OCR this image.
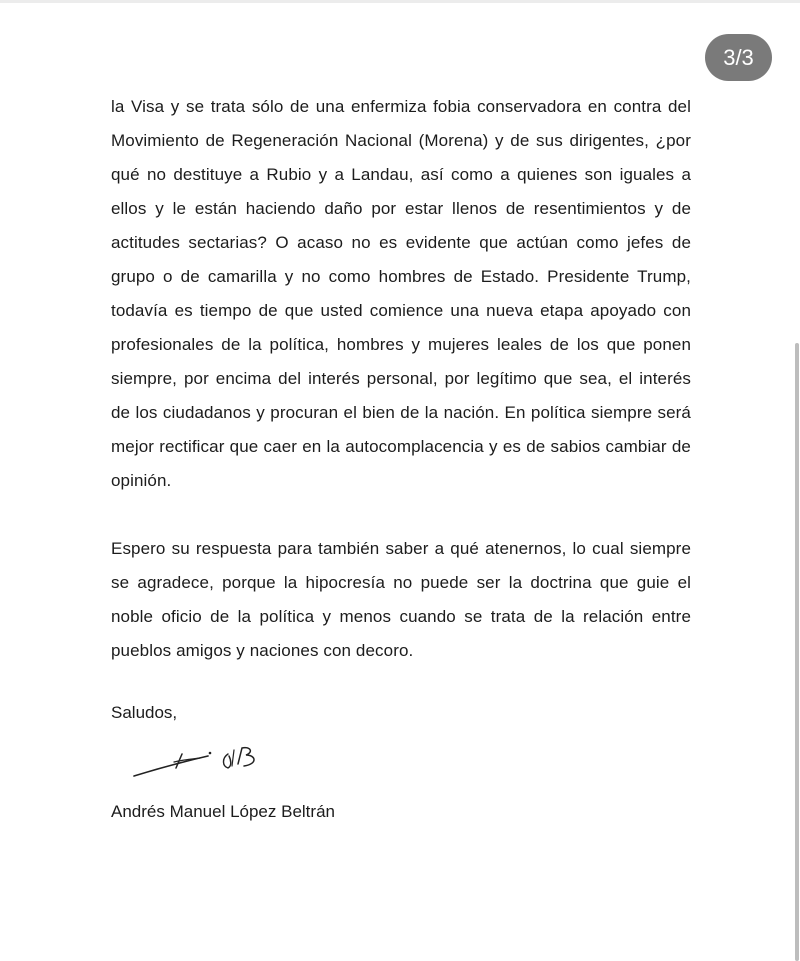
3/3

la Visa y se trata sólo de una enfermiza fobia conservadora en contra del Movimiento de Regeneración Nacional (Morena) y de sus dirigentes, ¿por qué no destituye a Rubio y a Landau, así como a quienes son iguales a ellos y le están haciendo daño por estar llenos de resentimientos y de actitudes sectarias? O acaso no es evidente que actúan como jefes de grupo o de camarilla y no como hombres de Estado. Presidente Trump, todavía es tiempo de que usted comience una nueva etapa apoyado con profesionales de la política, hombres y mujeres leales de los que ponen siempre, por encima del interés personal, por legítimo que sea, el interés de los ciudadanos y procuran el bien de la nación. En política siempre será mejor rectificar que caer en la autocomplacencia y es de sabios cambiar de opinión.

Espero su respuesta para también saber a qué atenernos, lo cual siempre se agradece, porque la hipocresía no puede ser la doctrina que guie el noble oficio de la política y menos cuando se trata de la relación entre pueblos amigos y naciones con decoro.

Saludos,

Andrés Manuel López Beltrán
